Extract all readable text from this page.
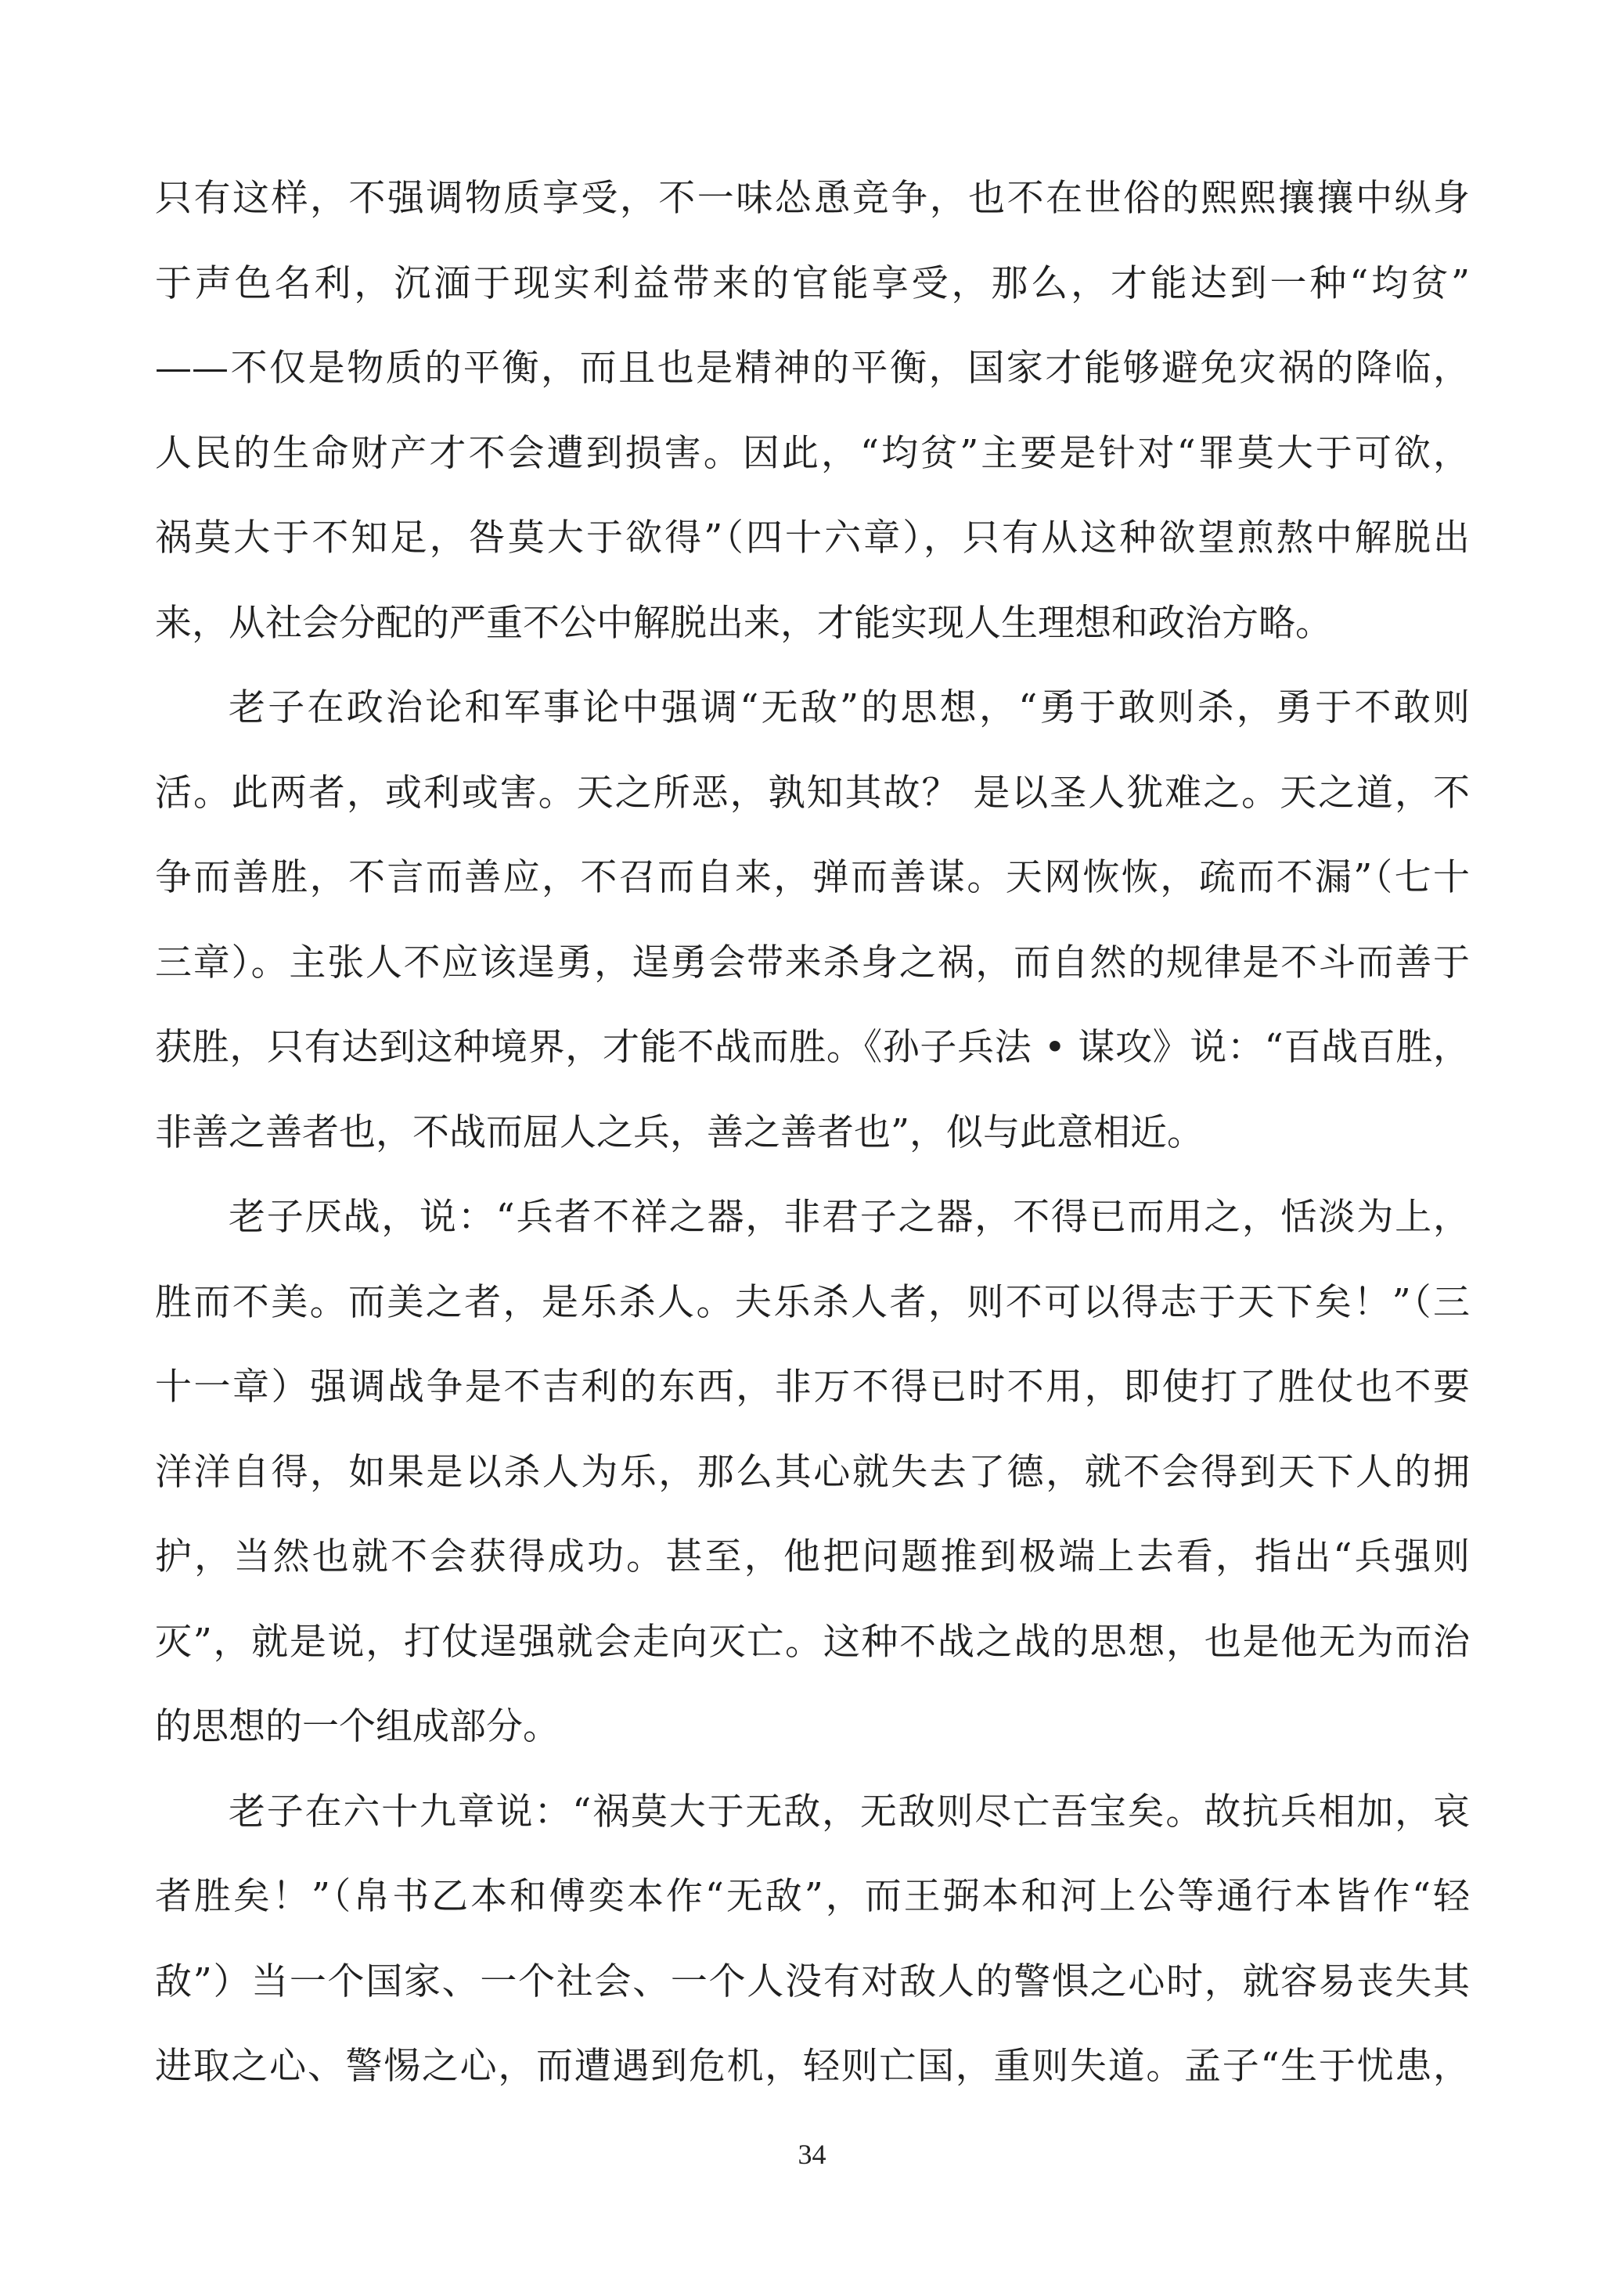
只有这样，不强调物质享受，不一味怂恿竞争，也不在世俗的熙熙攘攘中纵身
于声色名利，沉湎于现实利益带来的官能享受，那么，才能达到一种“均贫”
——不仅是物质的平衡，而且也是精神的平衡，国家才能够避免灾祸的降临，
人民的生命财产才不会遭到损害。因此，“均贫”主要是针对“罪莫大于可欲，
祸莫大于不知足，咎莫大于欲得”（四十六章），只有从这种欲望煎熬中解脱出
来，从社会分配的严重不公中解脱出来，才能实现人生理想和政治方略。
老子在政治论和军事论中强调“无敌”的思想，“勇于敢则杀，勇于不敢则
活。此两者，或利或害。天之所恶，孰知其故？ 是以圣人犹难之。天之道，不
争而善胜，不言而善应，不召而自来，弹而善谋。天网恢恢，疏而不漏”（七十
三章）。主张人不应该逞勇，逞勇会带来杀身之祸，而自然的规律是不斗而善于
获胜，只有达到这种境界，才能不战而胜。《孙子兵法 • 谋攻》说：“百战百胜，
非善之善者也，不战而屈人之兵，善之善者也”，似与此意相近。
老子厌战，说：“兵者不祥之器，非君子之器，不得已而用之，恬淡为上，
胜而不美。而美之者，是乐杀人。夫乐杀人者，则不可以得志于天下矣！”（三
十一章）强调战争是不吉利的东西，非万不得已时不用，即使打了胜仗也不要
洋洋自得，如果是以杀人为乐，那么其心就失去了德，就不会得到天下人的拥
护，当然也就不会获得成功。甚至，他把问题推到极端上去看，指出“兵强则
灭”，就是说，打仗逞强就会走向灭亡。这种不战之战的思想，也是他无为而治
的思想的一个组成部分。
老子在六十九章说：“祸莫大于无敌，无敌则尽亡吾宝矣。故抗兵相加，哀
者胜矣！”（帛书乙本和傅奕本作“无敌”，而王弼本和河上公等通行本皆作“轻
敌”）当一个国家、一个社会、一个人没有对敌人的警惧之心时，就容易丧失其
进取之心、警惕之心，而遭遇到危机，轻则亡国，重则失道。孟子“生于忧患，
34
